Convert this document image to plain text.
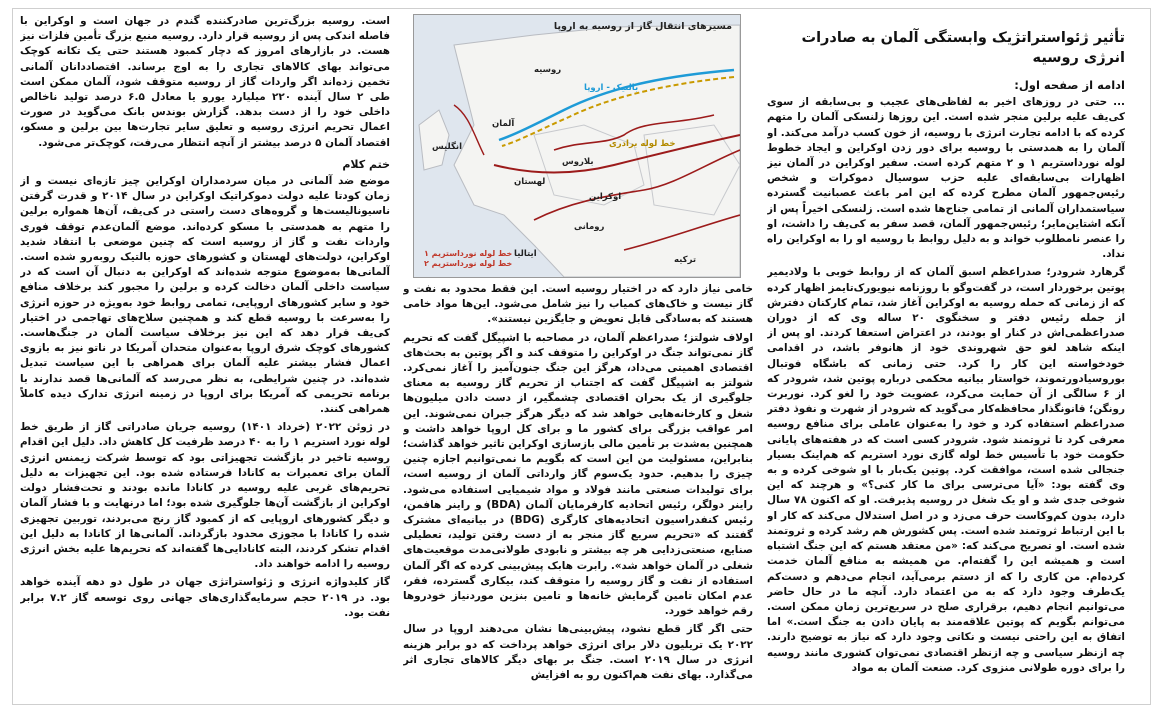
تأثیر ژئواستراتژیک وابستگی آلمان به صادرات انرژی روسیه

ادامه از صفحه اول:

... حتی در روزهای اخیر به لفاظی‌های عجیب و بی‌سابقه از سوی کی‌یف علیه برلین منجر شده است. این روزها زلنسکی آلمان را متهم کرده که با ادامه تجارت انرژی با روسیه، از خون کسب درآمد می‌کند. او آلمان را به همدستی با روسیه برای دور زدن اوکراین و ایجاد خطوط لوله نورداستریم ۱ و ۲ متهم کرده است. سفیر اوکراین در آلمان نیز اظهارات بی‌سابقه‌ای علیه حزب سوسیال دموکرات و شخص رئیس‌جمهور آلمان مطرح کرده که این امر باعث عصبانیت گسترده سیاستمداران آلمانی از تمامی جناح‌ها شده است. زلنسکی اخیراً پس از آنکه اشتاین‌مایر؛ رئیس‌جمهور آلمان، قصد سفر به کی‌یف را داشت، او را عنصر نامطلوب خواند و به دلیل روابط با روسیه او را به اوکراین راه نداد.

گرهارد شرودر؛ صدراعظم اسبق آلمان که از روابط خوبی با ولادیمیر پوتین برخوردار است، در گفت‌وگو با روزنامه نیویورک‌تایمز اظهار کرده که از زمانی که حمله روسیه به اوکراین آغاز شد، تمام کارکنان دفترش از جمله رئیس دفتر و سخنگوی ۲۰ ساله وی که از دوران صدراعظمی‌اش در کنار او بودند، در اعتراض استعفا کردند. او پس از اینکه شاهد لغو حق شهروندی خود از هانوفر باشد، در اقدامی خودخواسته این کار را کرد. حتی زمانی که باشگاه فوتبال بوروسیادورتموند، خواستار بیانیه محکمی درباره پوتین شد، شرودر که از ۶ سالگی از آن حمایت می‌کرد، عضویت خود را لغو کرد. نوربرت رونگن؛ قانونگذار محافظه‌کار می‌گوید که شرودر از شهرت و نفوذ دفتر صدراعظم استفاده کرد و خود را به‌عنوان عاملی برای منافع روسیه معرفی کرد تا ثروتمند شود. شرودر کسی است که در هفته‌های پایانی حکومت خود با تأسیس خط لوله گازی نورد استریم که هم‌اینک بسیار جنجالی شده است، موافقت کرد. پوتین یک‌بار با او شوخی کرده و به وی گفته بود: «آیا می‌ترسی برای ما کار کنی؟» و هرچند که این شوخی جدی شد و او یک شغل در روسیه پذیرفت. او که اکنون ۷۸ سال دارد، بدون کم‌وکاست حرف می‌زد و در اصل استدلال می‌کند که کار او با این ارتباط ثروتمند شده است. پس کشورش هم رشد کرده و ثروتمند شده است. او تصریح می‌کند که: «من معتقد هستم که این جنگ اشتباه است و همیشه این را گفته‌ام. من همیشه به منافع آلمان خدمت کرده‌ام. من کاری را که از دستم برمی‌آید، انجام می‌دهم و دست‌کم یک‌طرف وجود دارد که به من اعتماد دارد. آنچه ما در حال حاضر می‌توانیم انجام دهیم، برقراری صلح در سریع‌ترین زمان ممکن است. می‌توانم بگویم که پوتین علاقه‌مند به پایان دادن به جنگ است.» اما اتفاق به این راحتی نیست و نکاتی وجود دارد که نیاز به توضیح دارند. چه ازنظر سیاسی و چه ازنظر اقتصادی نمی‌توان کشوری مانند روسیه را برای دوره طولانی منزوی کرد. صنعت آلمان به مواد

مسیرهای انتقال گاز از روسیه به اروپا
روسیه
بالتیک - اروپا
آلمان
خط لوله برادری
بلاروس
لهستان
اوکراین
انگلیس
رومانی
ایتالیا
ترکیه
خط لوله نورداستریم ۱
خط لوله نورداستریم ۲

خامی نیاز دارد که در اختیار روسیه است. این فقط محدود به نفت و گاز نیست و خاک‌های کمیاب را نیز شامل می‌شود. این‌ها مواد خامی هستند که به‌سادگی قابل تعویض و جایگزین نیستند».

اولاف شولتز؛ صدراعظم آلمان، در مصاحبه با اشپیگل گفت که تحریم گاز نمی‌تواند جنگ در اوکراین را متوقف کند و اگر پوتین به بحث‌های اقتصادی اهمیتی می‌داد، هرگز این جنگ جنون‌آمیز را آغاز نمی‌کرد. شولتز به اشپیگل گفت که اجتناب از تحریم گاز روسیه به معنای جلوگیری از یک بحران اقتصادی چشمگیر، از دست دادن میلیون‌ها شغل و کارخانه‌هایی خواهد شد که دیگر هرگز جبران نمی‌شوند. این امر عواقب بزرگی برای کشور ما و برای کل اروپا خواهد داشت و همچنین به‌شدت بر تأمین مالی بازسازی اوکراین تاثیر خواهد گذاشت؛ بنابراین، مسئولیت من این است که بگویم ما نمی‌توانیم اجازه چنین چیزی را بدهیم. حدود یک‌سوم گاز وارداتی آلمان از روسیه است، برای تولیدات صنعتی مانند فولاد و مواد شیمیایی استفاده می‌شود. راینر دولگر، رئیس اتحادیه کارفرمایان آلمان (BDA) و راینر هافمن، رئیس کنفدراسیون اتحادیه‌های کارگری (BDG) در بیانیه‌ای مشترک گفتند که «تحریم سریع گاز منجر به از دست رفتن تولید، تعطیلی صنایع، صنعتی‌زدایی هر چه بیشتر و نابودی طولانی‌مدت موقعیت‌های شغلی در آلمان خواهد شد». رابرت هابک پیش‌بینی کرده که اگر آلمان استفاده از نفت و گاز روسیه را متوقف کند، بیکاری گسترده، فقر، عدم امکان تامین گرمایش خانه‌ها و تامین بنزین موردنیاز خودروها رقم خواهد خورد.

حتی اگر گاز قطع نشود، پیش‌بینی‌ها نشان می‌دهند اروپا در سال ۲۰۲۲ یک تریلیون دلار برای انرژی خواهد پرداخت که دو برابر هزینه انرژی در سال ۲۰۱۹ است. جنگ بر بهای دیگر کالاهای تجاری اثر می‌گذارد. بهای نفت هم‌اکنون رو به افزایش

است. روسیه بزرگ‌ترین صادرکننده گندم در جهان است و اوکراین با فاصله اندکی پس از روسیه قرار دارد. روسیه منبع بزرگ تأمین فلزات نیز هست. در بازارهای امروز که دچار کمبود هستند حتی یک تکانه کوچک می‌تواند بهای کالاهای تجاری را به اوج برساند. اقتصاددانان آلمانی تخمین زده‌اند اگر واردات گاز از روسیه متوقف شود، آلمان ممکن است طی ۲ سال آینده ۲۲۰ میلیارد یورو یا معادل ۶.۵ درصد تولید ناخالص داخلی خود را از دست بدهد. گزارش بوندس بانک می‌گوید در صورت اعمال تحریم انرژی روسیه و تعلیق سایر تجارت‌ها بین برلین و مسکو، اقتصاد آلمان ۵ درصد بیشتر از آنچه انتظار می‌رفت، کوچک‌تر می‌شود.

ختم کلام

موضع ضد آلمانی در میان سردمداران اوکراین چیز تازه‌ای نیست و از زمان کودتا علیه دولت دموکراتیک اوکراین در سال ۲۰۱۴ و قدرت گرفتن ناسیونالیست‌ها و گروه‌های دست راستی در کی‌یف، آن‌ها همواره برلین را متهم به همدستی با مسکو کرده‌اند. موضع آلمان‌عدم توقف فوری واردات نفت و گاز از روسیه است که چنین موضعی با انتقاد شدید اوکراین، دولت‌های لهستان و کشورهای حوزه بالتیک روبه‌رو شده است. آلمانی‌ها به‌موضوع متوجه شده‌اند که اوکراین به دنبال آن است که در سیاست داخلی آلمان دخالت کرده و برلین را مجبور کند برخلاف منافع خود و سایر کشورهای اروپایی، تمامی روابط خود به‌ویژه در حوزه انرژی را به‌سرعت با روسیه قطع کند و همچنین سلاح‌های تهاجمی در اختیار کی‌یف قرار دهد که این نیز برخلاف سیاست آلمان در جنگ‌هاست. کشورهای کوچک شرق اروپا به‌عنوان متحدان آمریکا در ناتو نیز به بازوی اعمال فشار بیشتر علیه آلمان برای همراهی با این سیاست تبدیل شده‌اند. در چنین شرایطی، به نظر می‌رسد که آلمانی‌ها قصد ندارند با برنامه تحریمی که آمریکا برای اروپا در زمینه انرژی تدارک دیده کاملاً همراهی کنند.

در ژوئن ۲۰۲۲ (خرداد ۱۴۰۱) روسیه جریان صادراتی گاز از طریق خط لوله نورد استریم ۱ را به ۴۰ درصد ظرفیت کل کاهش داد. دلیل این اقدام روسیه تاخیر در بازگشت تجهیزاتی بود که توسط شرکت زیمنس انرژی آلمان برای تعمیرات به کانادا فرستاده شده بود. این تجهیزات به دلیل تحریم‌های غربی علیه روسیه در کانادا مانده بودند و تحت‌فشار دولت اوکراین از بازگشت آن‌ها جلوگیری شده بود؛ اما درنهایت و با فشار آلمان و دیگر کشورهای اروپایی که از کمبود گاز رنج می‌بردند، توربین تجهیزی شده را کانادا با مجوزی محدود بازگرداند. آلمانی‌ها از کانادا به دلیل این اقدام تشکر کردند، البته کانادایی‌ها گفته‌اند که تحریم‌ها علیه بخش انرژی روسیه را ادامه خواهند داد.

گاز کلیدواژه انرژی و ژئواستراتژی جهان در طول دو دهه آینده خواهد بود. در ۲۰۱۹ حجم سرمایه‌گذاری‌های جهانی روی توسعه گاز ۷.۲ برابر نفت بود.
